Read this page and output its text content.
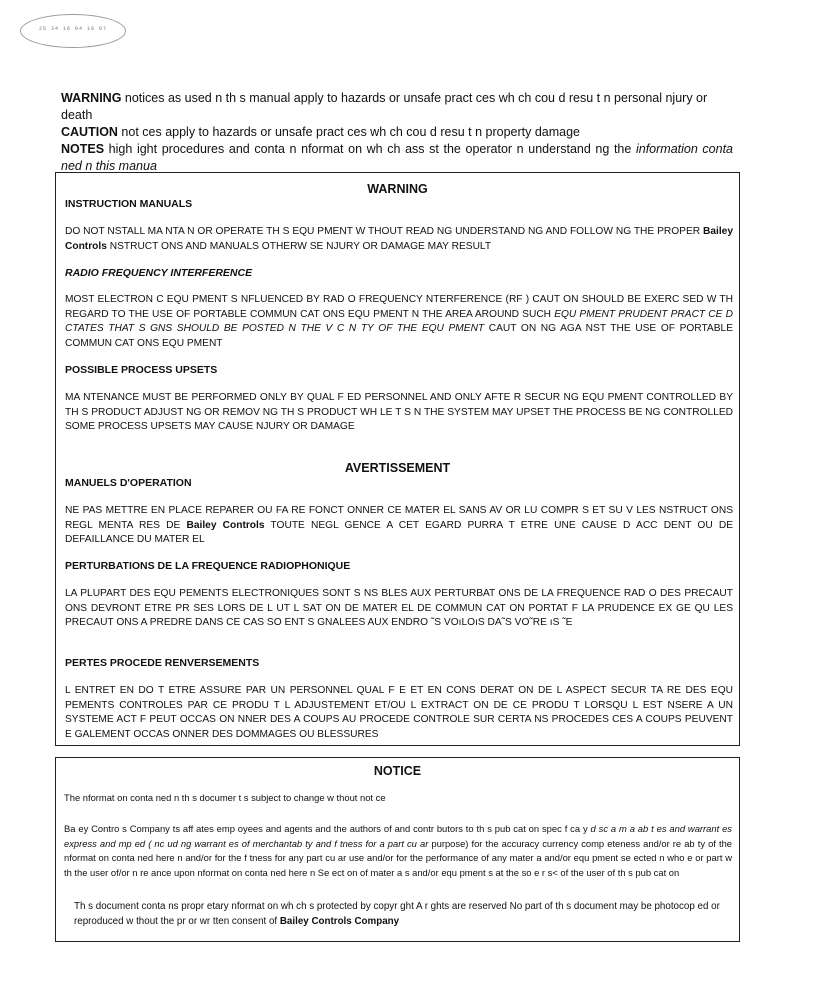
25 34 16 04 10 07

WARNING notices as used n th s manual apply to hazards or unsafe pract ces wh ch cou d resu t n personal njury or death

CAUTION not ces apply to hazards or unsafe pract ces wh ch cou d resu t n property damage

NOTES high ight procedures and conta n nformat on wh ch ass st the operator n understand ng the information conta ned n this manua

WARNING
INSTRUCTION MANUALS

DO NOT NSTALL MA NTA N OR OPERATE TH S EQU PMENT W THOUT READ NG UNDERSTAND NG AND FOLLOW NG THE PROPER Bailey Controls NSTRUCT ONS AND MANUALS OTHERW SE NJURY OR DAMAGE MAY RESULT

RADIO FREQUENCY INTERFERENCE

MOST ELECTRON C EQU PMENT S NFLUENCED BY RAD O FREQUENCY NTERFERENCE (RF ) CAUT ON SHOULD BE EXERC SED W TH REGARD TO THE USE OF PORTABLE COMMUN CAT ONS EQU PMENT N THE AREA AROUND SUCH EQU PMENT PRUDENT PRACT CE D CTATES THAT S GNS SHOULD BE POSTED N THE V C N TY OF THE EQU PMENT CAUT ON NG AGA NST THE USE OF PORTABLE COMMUN CAT ONS EQU PMENT

POSSIBLE PROCESS UPSETS

MA NTENANCE MUST BE PERFORMED ONLY BY QUAL F ED PERSONNEL AND ONLY AFTE R SECUR NG EQU PMENT CONTROLLED BY TH S PRODUCT ADJUST NG OR REMOV NG TH S PRODUCT WH LE T S N THE SYSTEM MAY UPSET THE PROCESS BE NG CONTROLLED SOME PROCESS UPSETS MAY CAUSE NJURY OR DAMAGE

AVERTISSEMENT
MANUELS D'OPERATION

NE PAS METTRE EN PLACE REPARER OU FA RE FONCT ONNER CE MATER EL SANS AV OR LU COMPR S ET SU V LES NSTRUCT ONS REGL MENTA RES DE Bailey Controls TOUTE NEGL GENCE A CET EGARD PURRA T ETRE UNE CAUSE D ACC DENT OU DE DEFAILLANCE DU MATER EL

PERTURBATIONS DE LA FREQUENCE RADIOPHONIQUE

LA PLUPART DES EQU PEMENTS ELECTRONIQUES SONT S NS BLES AUX PERTURBAT ONS DE LA FREQUENCE RAD O DES PRECAUT ONS DEVRONT ETRE PR SES LORS DE L UT L SAT ON DE MATER EL DE COMMUN CAT ON PORTAT F LA PRUDENCE EX GE QU LES PRECAUT ONS A PREDRE DANS CE CAS SO ENT S GNALEES AUX ENDRO ˜S VOıLOıS DA˜S VO˜RE ıS ˜E

PERTES PROCEDE RENVERSEMENTS

L ENTRET EN DO T ETRE ASSURE PAR UN PERSONNEL QUAL F E ET EN CONS DERAT ON DE L ASPECT SECUR TA RE DES EQU PEMENTS CONTROLES PAR CE PRODU T L ADJUSTEMENT ET/OU L EXTRACT ON DE CE PRODU T LORSQU L EST NSERE A UN SYSTEME ACT F PEUT OCCAS ON NNER DES A COUPS AU PROCEDE CONTROLE SUR CERTA NS PROCEDES CES A COUPS PEUVENT E GALEMENT OCCAS ONNER DES DOMMAGES OU BLESSURES

NOTICE

The nformat on conta ned n th s documer t s subject to change w thout not ce

Ba ey Contro s Company ts aff ates emp oyees and agents and the authors of and contr butors to th s pub cat on spec f ca y d sc a m a ab t es and warrant es express and mp ed ( nc ud ng warrant es of merchantab ty and f tness for a part cu ar purpose) for the accuracy currency comp eteness and/or re ab ty of the nformat on conta ned here n and/or for the f tness for any part cu ar use and/or for the performance of any mater a and/or equ pment se ected n who e or part w th the user of/or n re ance upon nformat on conta ned here n Se ect on of mater a s and/or equ pment s at the so e r s< of the user of th s pub cat on

Th s document conta ns propr etary nformat on wh ch s protected by copyr ght A r ghts are reserved No part of th s document may be photocop ed or reproduced w thout the pr or wr tten consent of Bailey Controls Company
